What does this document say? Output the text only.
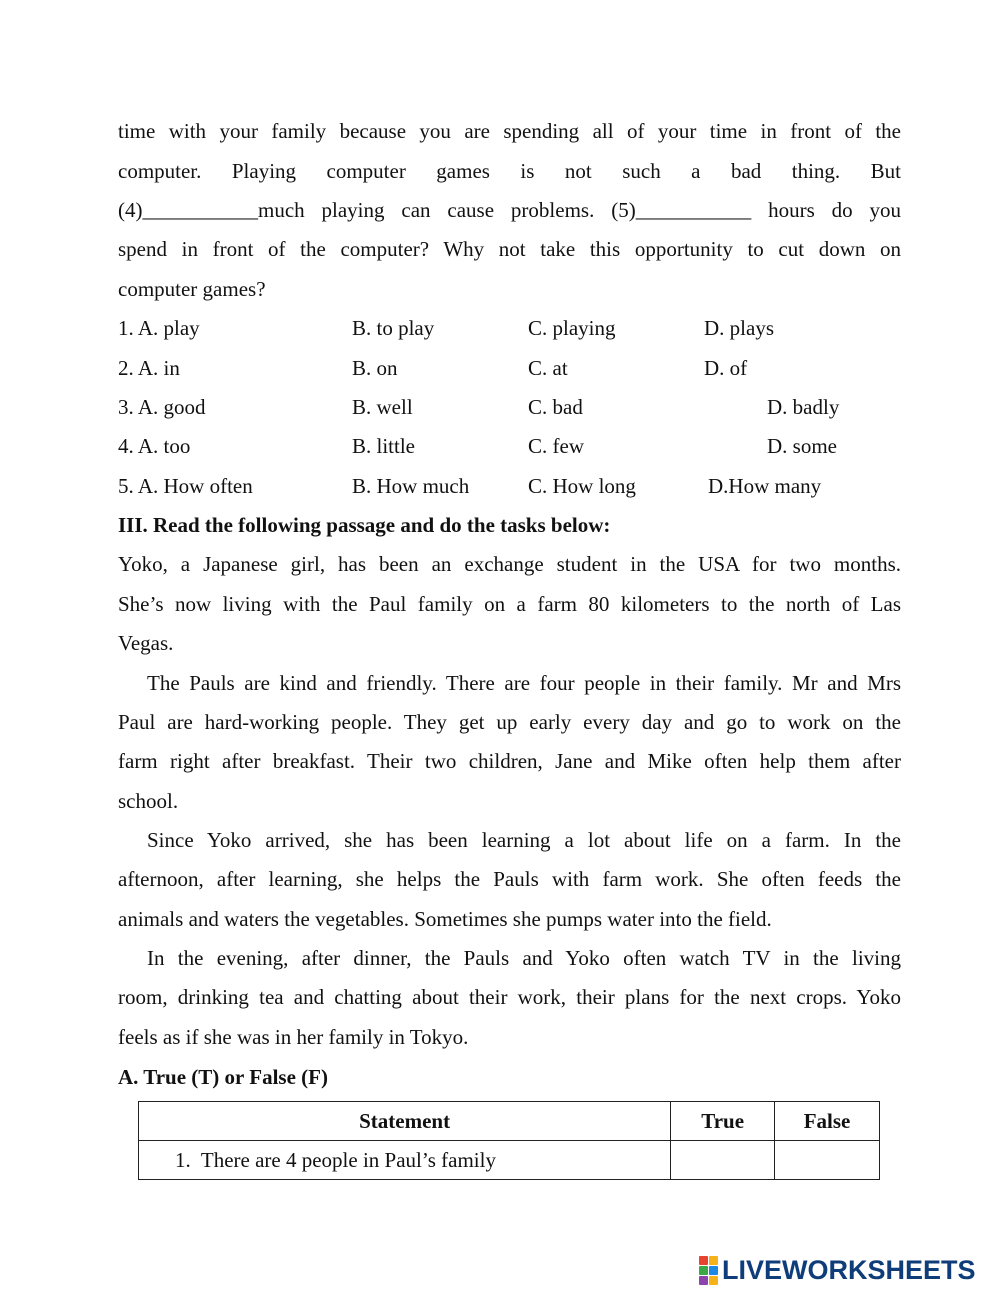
time with your family because you are spending all of your time in front of the
computer. Playing computer games is not such a bad thing. But
(4)___________much playing can cause problems. (5)___________ hours do you
spend in front of the computer? Why not take this opportunity to cut down on
computer games?
1. A. play	B. to play	C. playing	D. plays
2. A. in	B. on	C. at	D. of
3. A. good	B. well	C. bad	D. badly
4. A. too	B. little	C. few	D. some
5. A. How often	B. How much	C. How long	D.How many
III. Read the following passage and do the tasks below:
Yoko, a Japanese girl, has been an exchange student in the USA for two months.
She’s now living with the Paul family on a farm 80 kilometers to the north of Las
Vegas.
The Pauls are kind and friendly. There are four people in their family. Mr and Mrs
Paul are hard-working people. They get up early every day and go to work on the
farm right after breakfast. Their two children, Jane and Mike often help them after
school.
Since Yoko arrived, she has been learning a lot about life on a farm. In the
afternoon, after learning, she helps the Pauls with farm work. She often feeds the
animals and waters the vegetables. Sometimes she pumps water into the field.
In the evening, after dinner, the Pauls and Yoko often watch TV in the living
room, drinking tea and chatting about their work, their plans for the next crops. Yoko
feels as if she was in her family in Tokyo.
A. True (T) or False (F)
Statement	True	False
1. There are 4 people in Paul’s family		
LIVEWORKSHEETS
